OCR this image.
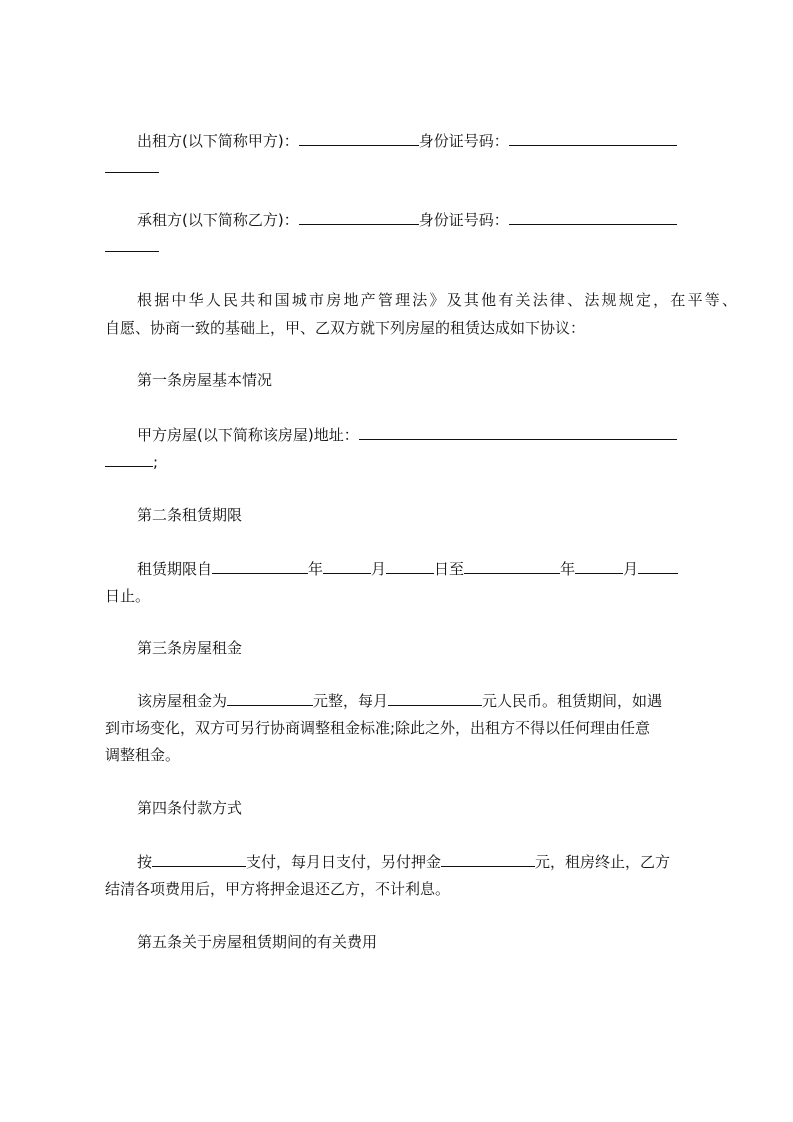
出租方(以下简称甲方)：	身份证号码：
承租方(以下简称乙方)：	身份证号码：
根据中华人民共和国城市房地产管理法》及其他有关法律、法规规定，在平等、
自愿、协商一致的基础上，甲、乙双方就下列房屋的租赁达成如下协议：
第一条房屋基本情况
甲方房屋(以下简称该房屋)地址：
;
第二条租赁期限
租赁期限自	年	月	日至	年	月
日止。
第三条房屋租金
该房屋租金为	元整，每月	元人民币。租赁期间，如遇
到市场变化，双方可另行协商调整租金标准;除此之外，出租方不得以任何理由任意
调整租金。
第四条付款方式
按	支付，每月日支付，另付押金	元，租房终止，乙方
结清各项费用后，甲方将押金退还乙方，不计利息。
第五条关于房屋租赁期间的有关费用
